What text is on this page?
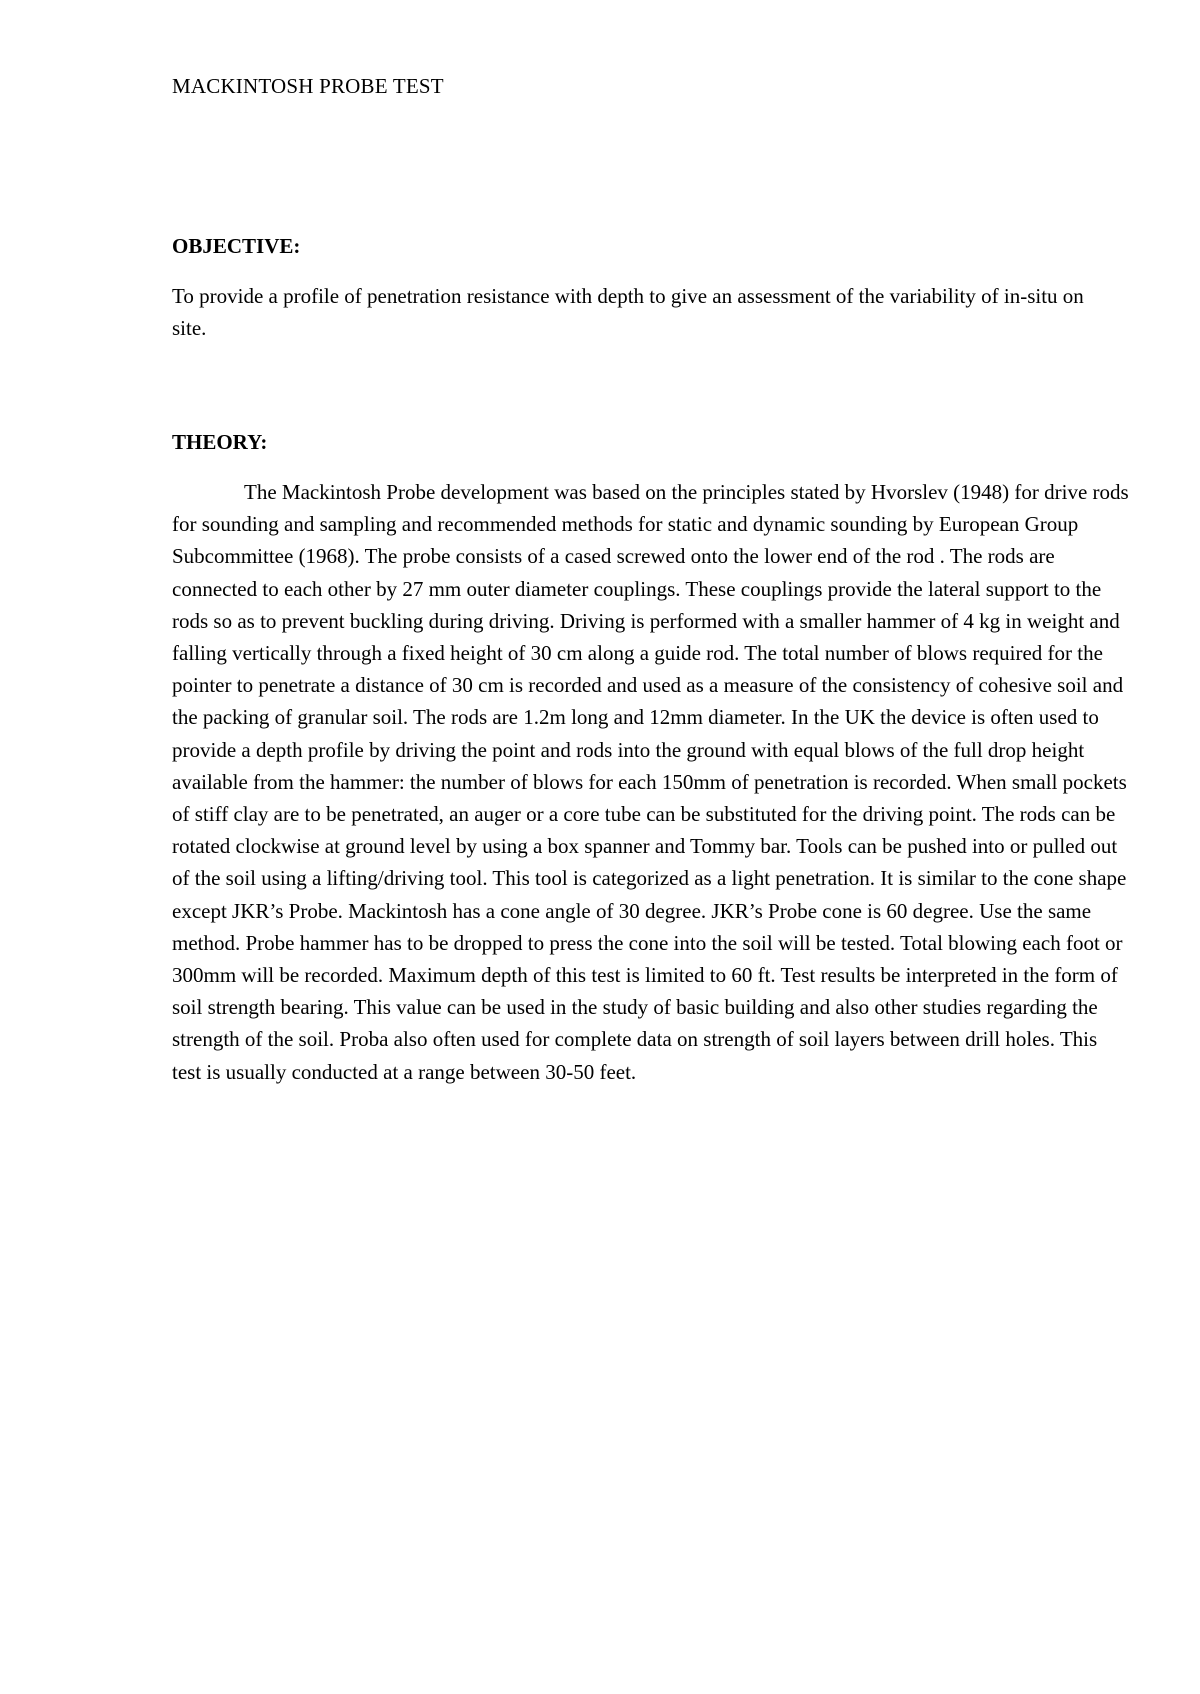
MACKINTOSH PROBE TEST
OBJECTIVE:

To provide a profile of penetration resistance with depth to give an assessment of the variability of in-situ on site.

THEORY:

The Mackintosh Probe development was based on the principles stated by Hvorslev (1948) for drive rods for sounding and sampling and recommended methods for static and dynamic sounding by European Group Subcommittee (1968). The probe consists of a cased screwed onto the lower end of the rod . The rods are connected to each other by 27 mm outer diameter couplings. These couplings provide the lateral support to the rods so as to prevent buckling during driving. Driving is performed with a smaller hammer of 4 kg in weight and falling vertically through a fixed height of 30 cm along a guide rod. The total number of blows required for the pointer to penetrate a distance of 30 cm is recorded and used as a measure of the consistency of cohesive soil and the packing of granular soil. The rods are 1.2m long and 12mm diameter. In the UK the device is often used to provide a depth profile by driving the point and rods into the ground with equal blows of the full drop height available from the hammer: the number of blows for each 150mm of penetration is recorded. When small pockets of stiff clay are to be penetrated, an auger or a core tube can be substituted for the driving point. The rods can be rotated clockwise at ground level by using a box spanner and Tommy bar. Tools can be pushed into or pulled out of the soil using a lifting/driving tool. This tool is categorized as a light penetration. It is similar to the cone shape except JKR’s Probe. Mackintosh has a cone angle of 30 degree. JKR’s Probe cone is 60 degree. Use the same method. Probe hammer has to be dropped to press the cone into the soil will be tested. Total blowing each foot or 300mm will be recorded. Maximum depth of this test is limited to 60 ft. Test results be interpreted in the form of soil strength bearing. This value can be used in the study of basic building and also other studies regarding the strength of the soil. Proba also often used for complete data on strength of soil layers between drill holes. This test is usually conducted at a range between 30-50 feet.
